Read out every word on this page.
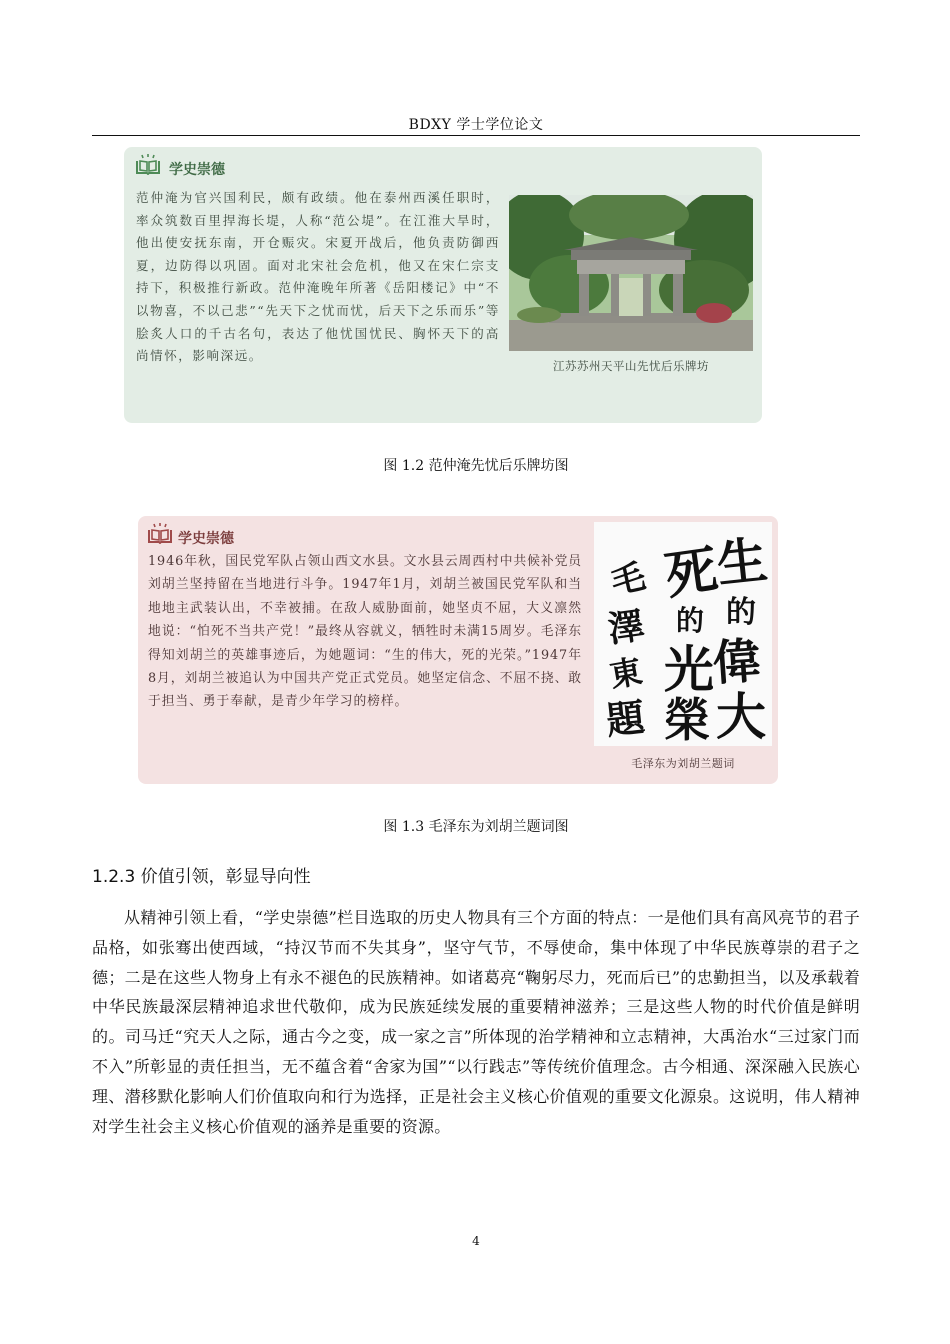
BDXY 学士学位论文
学史崇德
范仲淹为官兴国利民，颇有政绩。他在泰州西溪任职时，率众筑数百里捍海长堤，人称“范公堤”。在江淮大旱时，他出使安抚东南，开仓赈灾。宋夏开战后，他负责防御西夏，边防得以巩固。面对北宋社会危机，他又在宋仁宗支持下，积极推行新政。范仲淹晚年所著《岳阳楼记》中“不以物喜，不以己悲”“先天下之忧而忧，后天下之乐而乐”等脍炙人口的千古名句，表达了他忧国忧民、胸怀天下的高尚情怀，影响深远。
江苏苏州天平山先忧后乐牌坊
图 1.2 范仲淹先忧后乐牌坊图
学史崇德
1946年秋，国民党军队占领山西文水县。文水县云周西村中共候补党员刘胡兰坚持留在当地进行斗争。1947年1月，刘胡兰被国民党军队和当地地主武装认出，不幸被捕。在敌人威胁面前，她坚贞不屈，大义凛然地说：“怕死不当共产党！”最终从容就义，牺牲时未满15周岁。毛泽东得知刘胡兰的英雄事迹后，为她题词：“生的伟大，死的光荣。”1947年8月，刘胡兰被追认为中国共产党正式党员。她坚定信念、不屈不挠、敢于担当、勇于奉献，是青少年学习的榜样。
生
的
偉
大
死
的
光
榮
毛
澤
東
題
毛泽东为刘胡兰题词
图 1.3 毛泽东为刘胡兰题词图
1.2.3 价值引领，彰显导向性

从精神引领上看，“学史崇德”栏目选取的历史人物具有三个方面的特点：一是他们具有高风亮节的君子品格，如张骞出使西域，“持汉节而不失其身”，坚守气节，不辱使命，集中体现了中华民族尊崇的君子之德；二是在这些人物身上有永不褪色的民族精神。如诸葛亮“鞠躬尽力，死而后已”的忠勤担当，以及承载着中华民族最深层精神追求世代敬仰，成为民族延续发展的重要精神滋养；三是这些人物的时代价值是鲜明的。司马迁“究天人之际，通古今之变，成一家之言”所体现的治学精神和立志精神，大禹治水“三过家门而不入”所彰显的责任担当，无不蕴含着“舍家为国”“以行践志”等传统价值理念。古今相通、深深融入民族心理、潜移默化影响人们价值取向和行为选择，正是社会主义核心价值观的重要文化源泉。这说明，伟人精神对学生社会主义核心价值观的涵养是重要的资源。

4
